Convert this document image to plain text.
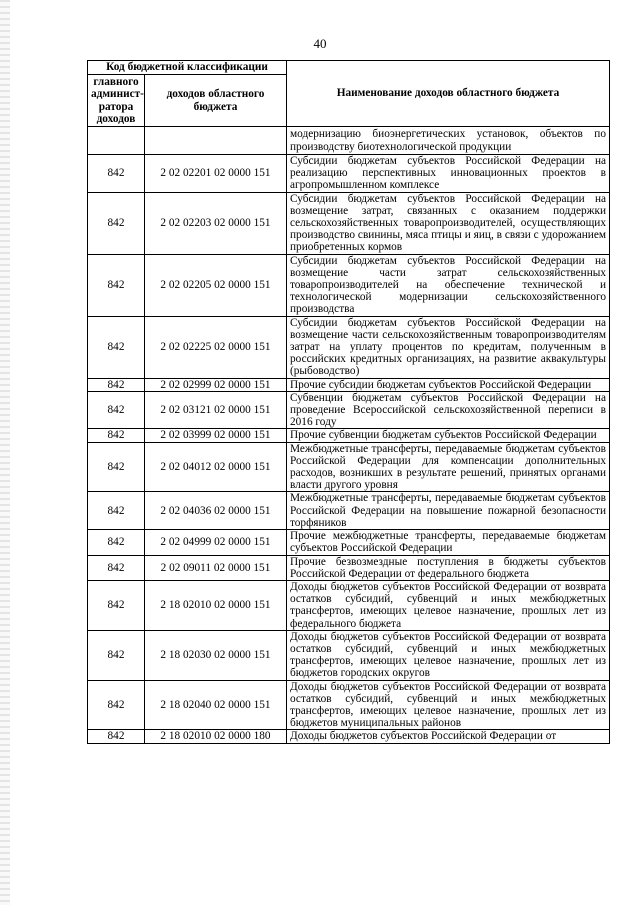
40
Код бюджетной классификации		Наименование доходов областного бюджета
главного админист-ратора доходов	доходов областного бюджета	
		модернизацию биоэнергетических установок, объектов по производству биотехнологической продукции
842	2 02 02201 02 0000 151	Субсидии бюджетам субъектов Российской Федерации на реализацию перспективных инновационных проектов в агропромышленном комплексе
842	2 02 02203 02 0000 151	Субсидии бюджетам субъектов Российской Федерации на возмещение затрат, связанных с оказанием поддержки сельскохозяйственных товаропроизводителей, осуществляющих производство свинины, мяса птицы и яиц, в связи с удорожанием приобретенных кормов
842	2 02 02205 02 0000 151	Субсидии бюджетам субъектов Российской Федерации на возмещение части затрат сельскохозяйственных товаропроизводителей на обеспечение технической и технологической модернизации сельскохозяйственного производства
842	2 02 02225 02 0000 151	Субсидии бюджетам субъектов Российской Федерации на возмещение части сельскохозяйственным товаропроизводителям затрат на уплату процентов по кредитам, полученным в российских кредитных организациях, на развитие аквакультуры (рыбоводство)
842	2 02 02999 02 0000 151	Прочие субсидии бюджетам субъектов Российской Федерации
842	2 02 03121 02 0000 151	Субвенции бюджетам субъектов Российской Федерации на проведение Всероссийской сельскохозяйственной переписи в 2016 году
842	2 02 03999 02 0000 151	Прочие субвенции бюджетам субъектов Российской Федерации
842	2 02 04012 02 0000 151	Межбюджетные трансферты, передаваемые бюджетам субъектов Российской Федерации для компенсации дополнительных расходов, возникших в результате решений, принятых органами власти другого уровня
842	2 02 04036 02 0000 151	Межбюджетные трансферты, передаваемые бюджетам субъектов Российской Федерации на повышение пожарной безопасности торфяников
842	2 02 04999 02 0000 151	Прочие межбюджетные трансферты, передаваемые бюджетам субъектов Российской Федерации
842	2 02 09011 02 0000 151	Прочие безвозмездные поступления в бюджеты субъектов Российской Федерации от федерального бюджета
842	2 18 02010 02 0000 151	Доходы бюджетов субъектов Российской Федерации от возврата остатков субсидий, субвенций и иных межбюджетных трансфертов, имеющих целевое назначение, прошлых лет из федерального бюджета
842	2 18 02030 02 0000 151	Доходы бюджетов субъектов Российской Федерации от возврата остатков субсидий, субвенций и иных межбюджетных трансфертов, имеющих целевое назначение, прошлых лет из бюджетов городских округов
842	2 18 02040 02 0000 151	Доходы бюджетов субъектов Российской Федерации от возврата остатков субсидий, субвенций и иных межбюджетных трансфертов, имеющих целевое назначение, прошлых лет из бюджетов муниципальных районов
842	2 18 02010 02 0000 180	Доходы бюджетов субъектов Российской Федерации от
